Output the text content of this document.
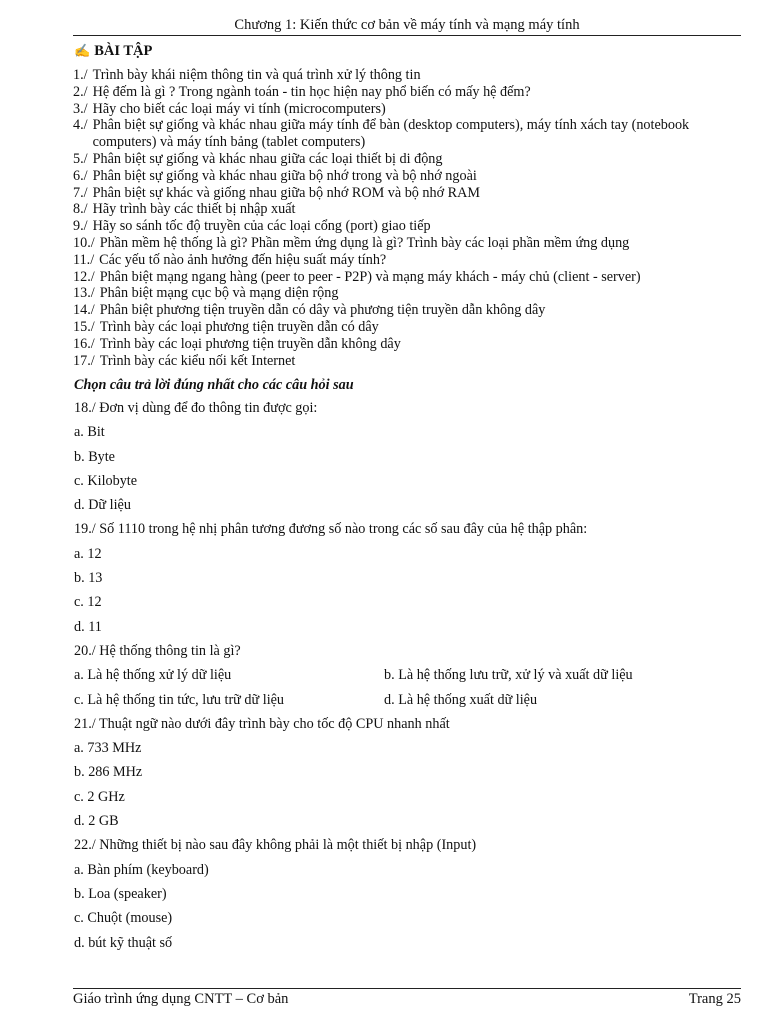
Chương 1: Kiến thức cơ bản về máy tính và mạng máy tính
✍ BÀI TẬP
1./ Trình bày khái niệm thông tin và quá trình xử lý thông tin
2./ Hệ đếm là gì ? Trong ngành toán - tin học hiện nay phổ biến có mấy hệ đếm?
3./ Hãy cho biết các loại máy vi tính (microcomputers)
4./ Phân biệt sự giống và khác nhau giữa máy tính để bàn (desktop computers), máy tính xách tay (notebook computers) và máy tính bảng (tablet computers)
5./ Phân biệt sự giống và khác nhau giữa các loại thiết bị di động
6./ Phân biệt sự giống và khác nhau giữa bộ nhớ trong và bộ nhớ ngoài
7./ Phân biệt sự khác và giống nhau giữa bộ nhớ ROM và bộ nhớ RAM
8./ Hãy trình bày các thiết bị nhập xuất
9./ Hãy so sánh tốc độ truyền của các loại cổng (port) giao tiếp
10./ Phần mềm hệ thống là gì? Phần mềm ứng dụng là gì? Trình bày các loại phần mềm ứng dụng
11./ Các yếu tố nào ảnh hưởng đến hiệu suất máy tính?
12./ Phân biệt mạng ngang hàng (peer to peer - P2P) và mạng máy khách - máy chủ (client - server)
13./ Phân biệt mạng cục bộ và mạng diện rộng
14./ Phân biệt phương tiện truyền dẫn có dây và phương tiện truyền dẫn không dây
15./ Trình bày các loại phương tiện truyền dẫn có dây
16./ Trình bày các loại phương tiện truyền dẫn không dây
17./ Trình bày các kiểu nối kết Internet
Chọn câu trả lời đúng nhất cho các câu hỏi sau
18./ Đơn vị dùng để đo thông tin được gọi:
a. Bit
b. Byte
c. Kilobyte
d. Dữ liệu
19./ Số 1110 trong hệ nhị phân tương đương số nào trong các số sau đây của hệ thập phân:
a. 12
b. 13
c. 12
d. 11
20./ Hệ thống thông tin là gì?
a. Là hệ thống xử lý dữ liệu	b. Là hệ thống lưu trữ, xử lý và xuất dữ liệu
c. Là hệ thống tin tức, lưu trữ dữ liệu	d. Là hệ thống xuất dữ liệu
21./ Thuật ngữ nào dưới đây trình bày cho tốc độ CPU nhanh nhất
a. 733 MHz
b. 286 MHz
c. 2 GHz
d. 2 GB
22./ Những thiết bị nào sau đây không phải là một thiết bị nhập (Input)
a. Bàn phím (keyboard)
b. Loa (speaker)
c. Chuột (mouse)
d. bút kỹ thuật số
Giáo trình ứng dụng CNTT – Cơ bản	Trang 25
